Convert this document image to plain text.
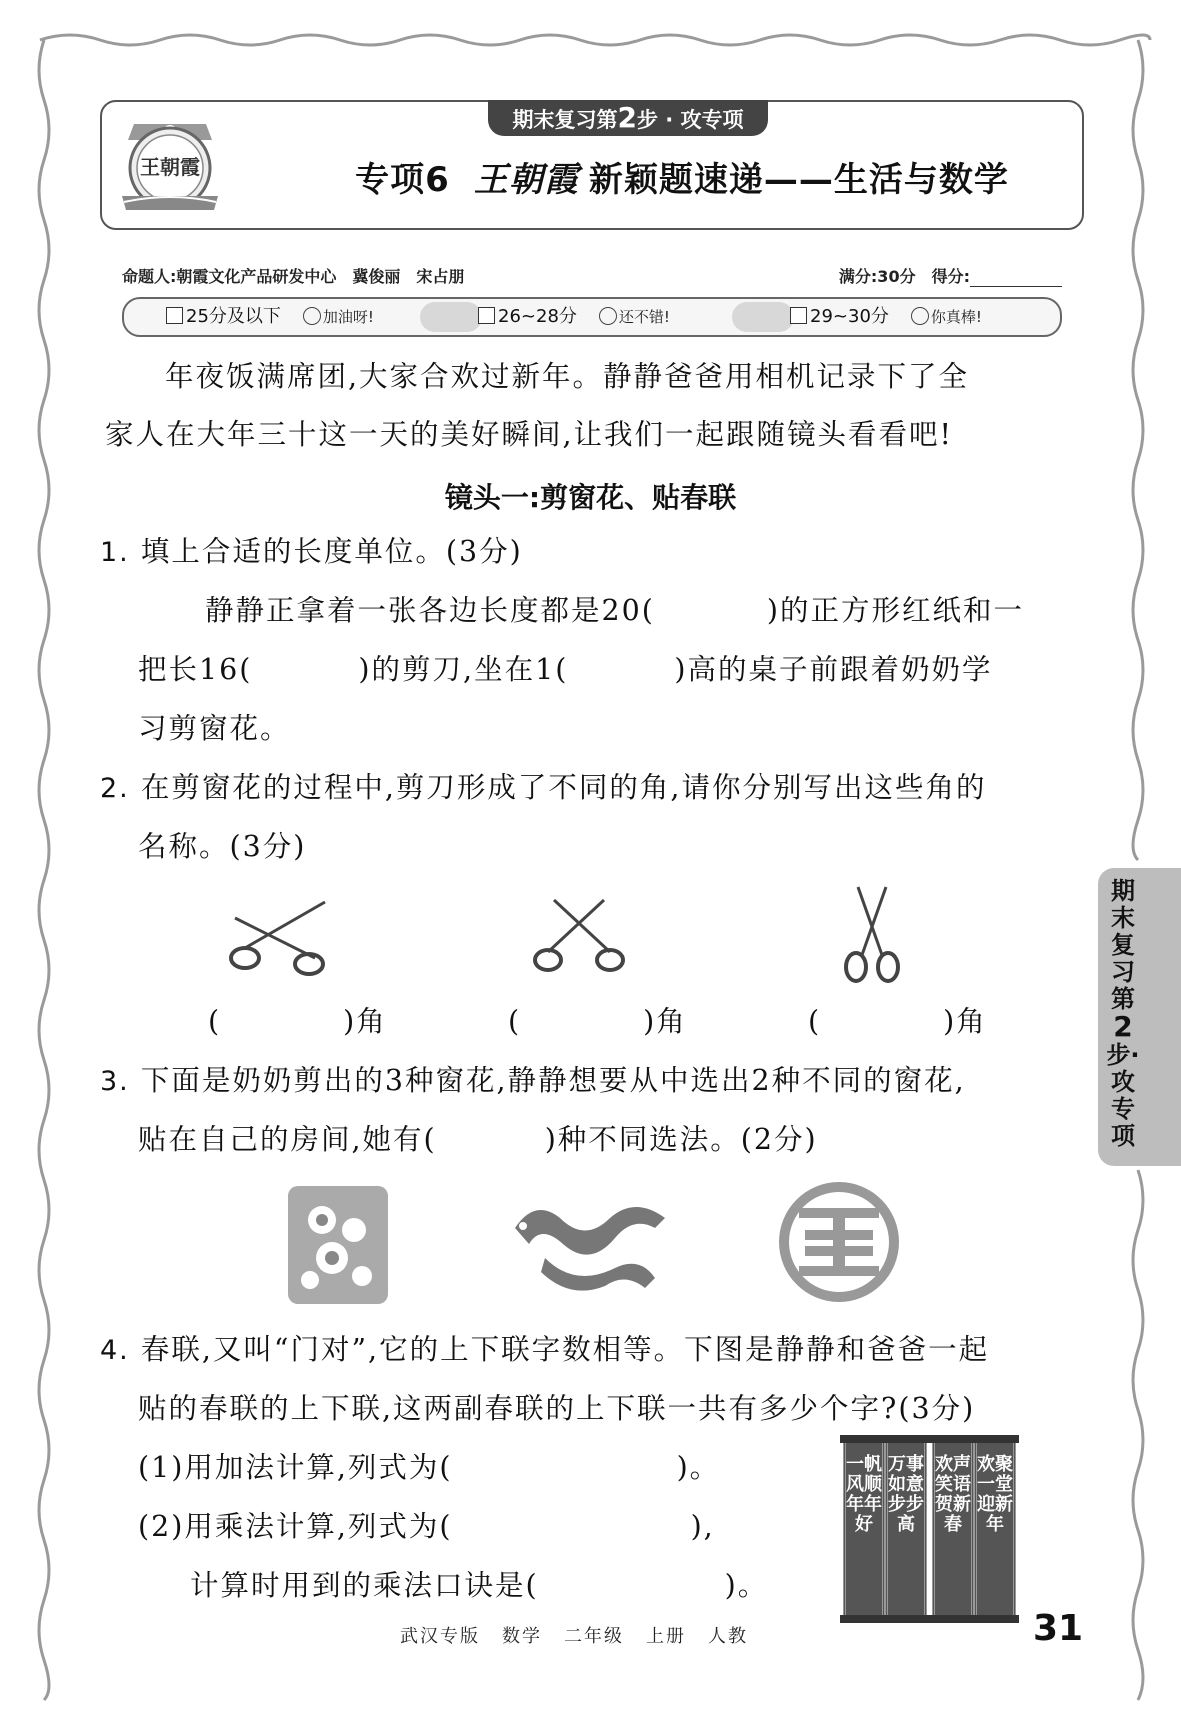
王朝霞
期末复习第2步 · 攻专项
专项6 王朝霞 新颖题速递——生活与数学
命题人:朝霞文化产品研发中心　冀俊丽　宋占朋	满分:30分　 得分:
25分及以下	加油呀!	26~28分	还不错!	29~30分	你真棒!
年夜饭满席团,大家合欢过新年。静静爸爸用相机记录下了全
家人在大年三十这一天的美好瞬间,让我们一起跟随镜头看看吧!
镜头一:剪窗花、贴春联
1. 填上合适的长度单位。(3分)
静静正拿着一张各边长度都是20(	)的正方形红纸和一
把长16(	)的剪刀,坐在1(	)高的桌子前跟着奶奶学
习剪窗花。
2. 在剪窗花的过程中,剪刀形成了不同的角,请你分别写出这些角的
名称。(3分)
(　　　　)角	(　　　　)角	(　　　　)角
3. 下面是奶奶剪出的3种窗花,静静想要从中选出2种不同的窗花,
贴在自己的房间,她有(	)种不同选法。(2分)
4. 春联,又叫“门对”,它的上下联字数相等。下图是静静和爸爸一起
贴的春联的上下联,这两副春联的上下联一共有多少个字?(3分)
(1)用加法计算,列式为(	)。
(2)用乘法计算,列式为(	),
计算时用到的乘法口诀是(	)。
一帆风顺年年好
万事如意步步高
欢声笑语贺新春
欢聚一堂迎新年
期末复习第2步·攻专项
武汉专版 数学 二年级 上册 人教	31
